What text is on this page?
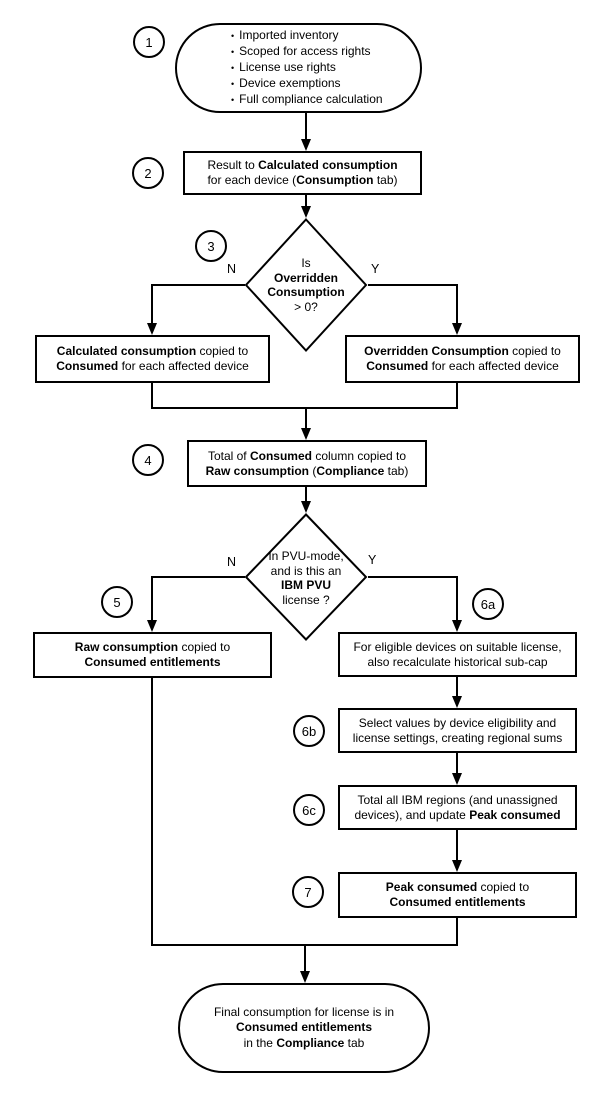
Is
Overridden
Consumption
> 0?
In PVU-mode,
and is this an
IBM PVU
license ?
N	Y
N	Y
1
2
3
4
5	6a
6b
6c
7
• Imported inventory
• Scoped for access rights
• License use rights
• Device exemptions
• Full compliance calculation
Result to Calculated consumption
for each device (Consumption tab)
Calculated consumption copied to
Consumed for each affected device
Overridden Consumption copied to
Consumed for each affected device
Total of Consumed column copied to
Raw consumption (Compliance tab)
Raw consumption copied to
Consumed entitlements
For eligible devices on suitable license,
also recalculate historical sub-cap
Select values by device eligibility and
license settings, creating regional sums
Total all IBM regions (and unassigned
devices), and update Peak consumed
Peak consumed copied to
Consumed entitlements
Final consumption for license is in
Consumed entitlements
in the Compliance tab
